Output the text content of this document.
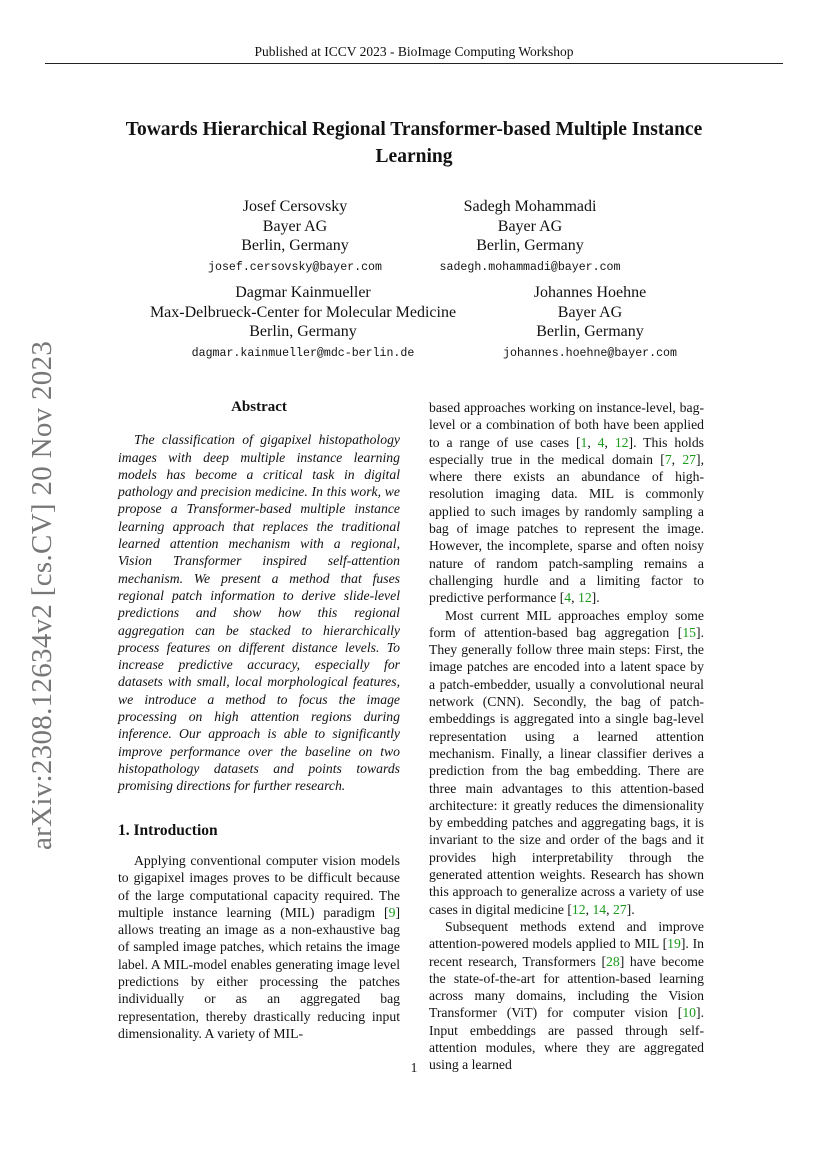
Published at ICCV 2023 - BioImage Computing Workshop
Towards Hierarchical Regional Transformer-based Multiple Instance Learning
Josef Cersovsky
Bayer AG
Berlin, Germany
josef.cersovsky@bayer.com
Sadegh Mohammadi
Bayer AG
Berlin, Germany
sadegh.mohammadi@bayer.com
Dagmar Kainmueller
Max-Delbrueck-Center for Molecular Medicine
Berlin, Germany
dagmar.kainmueller@mdc-berlin.de
Johannes Hoehne
Bayer AG
Berlin, Germany
johannes.hoehne@bayer.com
arXiv:2308.12634v2 [cs.CV] 20 Nov 2023	Abstract

The classification of gigapixel histopathology images with deep multiple instance learning models has become a critical task in digital pathology and precision medicine. In this work, we propose a Transformer-based multiple instance learning approach that replaces the traditional learned attention mechanism with a regional, Vision Transformer inspired self-attention mechanism. We present a method that fuses regional patch information to derive slide-level predictions and show how this regional aggregation can be stacked to hierarchically process features on different distance levels. To increase predictive accuracy, especially for datasets with small, local morphological features, we introduce a method to focus the image processing on high attention regions during inference. Our approach is able to significantly improve performance over the baseline on two histopathology datasets and points towards promising directions for further research.

1. Introduction

Applying conventional computer vision models to gigapixel images proves to be difficult because of the large computational capacity required. The multiple instance learning (MIL) paradigm [9] allows treating an image as a non-exhaustive bag of sampled image patches, which retains the image label. A MIL-model enables generating image level predictions by either processing the patches individually or as an aggregated bag representation, thereby drastically reducing input dimensionality. A variety of MIL-

based approaches working on instance-level, bag-level or a combination of both have been applied to a range of use cases [1, 4, 12]. This holds especially true in the medical domain [7, 27], where there exists an abundance of high-resolution imaging data. MIL is commonly applied to such images by randomly sampling a bag of image patches to represent the image. However, the incomplete, sparse and often noisy nature of random patch-sampling remains a challenging hurdle and a limiting factor to predictive performance [4, 12].

Most current MIL approaches employ some form of attention-based bag aggregation [15]. They generally follow three main steps: First, the image patches are encoded into a latent space by a patch-embedder, usually a convolutional neural network (CNN). Secondly, the bag of patch-embeddings is aggregated into a single bag-level representation using a learned attention mechanism. Finally, a linear classifier derives a prediction from the bag embedding. There are three main advantages to this attention-based architecture: it greatly reduces the dimensionality by embedding patches and aggregating bags, it is invariant to the size and order of the bags and it provides high interpretability through the generated attention weights. Research has shown this approach to generalize across a variety of use cases in digital medicine [12, 14, 27].

Subsequent methods extend and improve attention-powered models applied to MIL [19]. In recent research, Transformers [28] have become the state-of-the-art for attention-based learning across many domains, including the Vision Transformer (ViT) for computer vision [10]. Input embeddings are passed through self-attention modules, where they are aggregated using a learned

1
